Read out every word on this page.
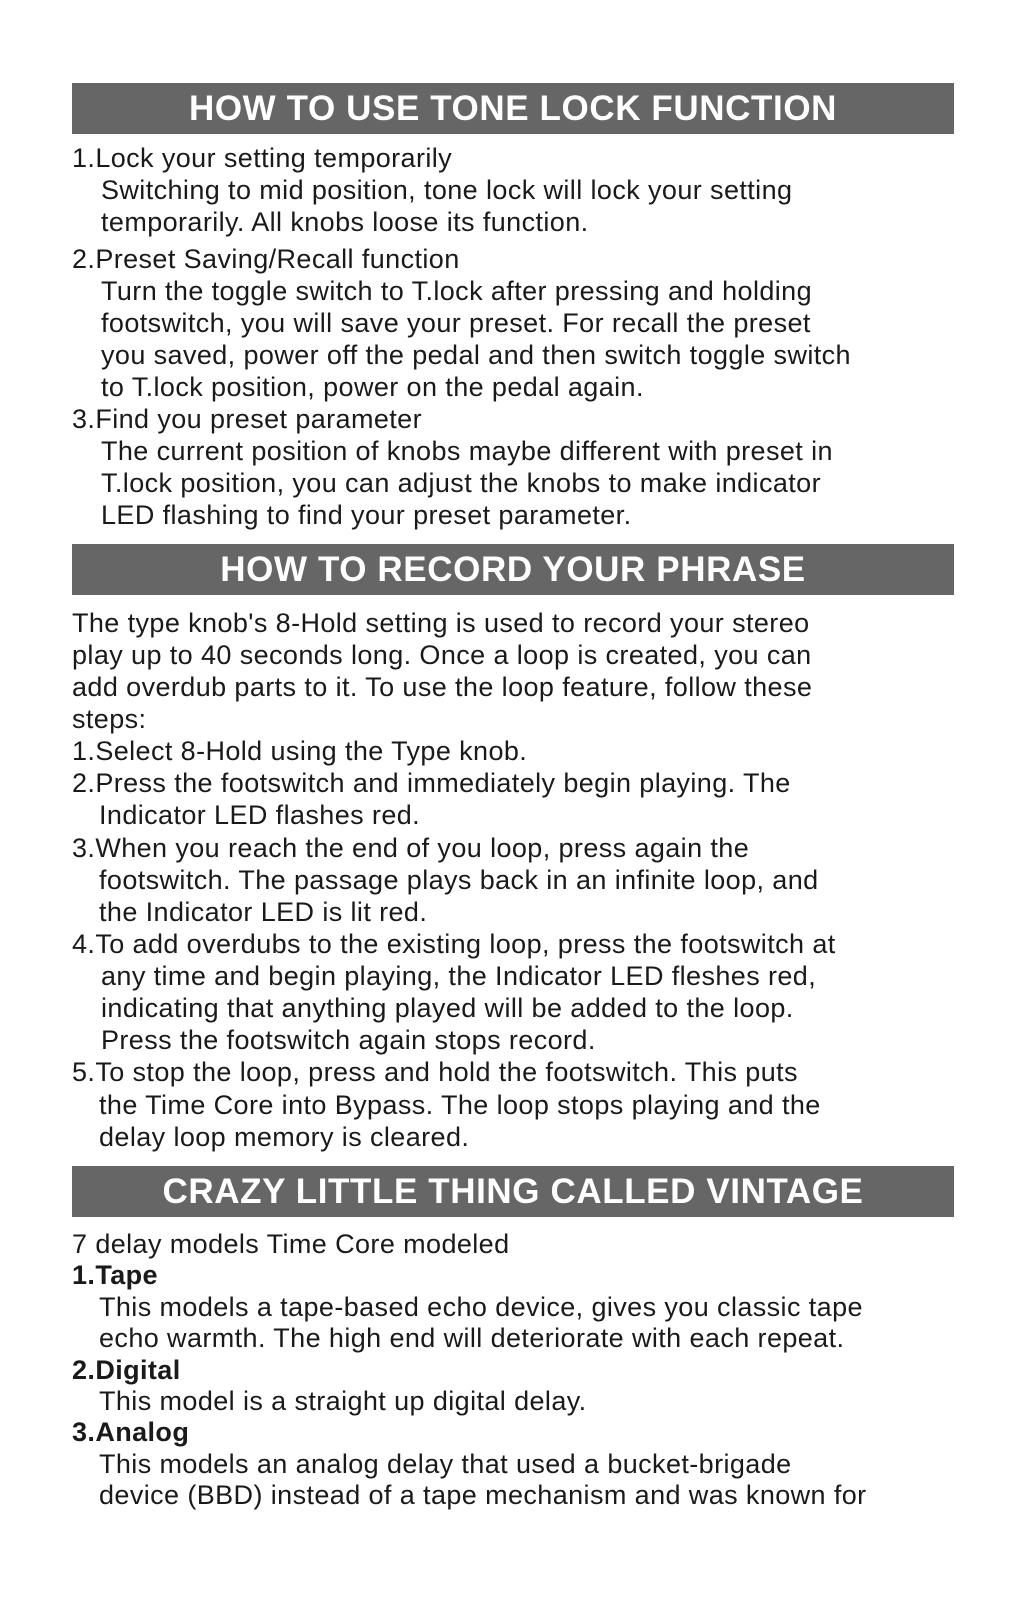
HOW TO USE TONE LOCK FUNCTION

1.Lock your setting temporarily

Switching to mid position, tone lock will lock your setting

temporarily. All knobs loose its function.

2.Preset Saving/Recall function

Turn the toggle switch to T.lock after pressing and holding

footswitch, you will save your preset. For recall the preset

you saved, power off the pedal and then switch toggle switch

to T.lock position, power on the pedal again.

3.Find you preset parameter

The current position of knobs maybe different with preset in

T.lock position, you can adjust the knobs to make indicator

LED flashing to find your preset parameter.

HOW TO RECORD YOUR PHRASE

The type knob's 8-Hold setting is used to record your stereo

play up to 40 seconds long. Once a loop is created, you can

add overdub parts to it. To use the loop feature, follow these

steps:

1.Select 8-Hold using the Type knob.

2.Press the footswitch and immediately begin playing. The

Indicator LED flashes red.

3.When you reach the end of you loop, press again the

footswitch. The passage plays back in an infinite loop, and

the Indicator LED is lit red.

4.To add overdubs to the existing loop, press the footswitch at

any time and begin playing, the Indicator LED fleshes red,

indicating that anything played will be added to the loop.

Press the footswitch again stops record.

5.To stop the loop, press and hold the footswitch. This puts

the Time Core into Bypass. The loop stops playing and the

delay loop memory is cleared.

CRAZY LITTLE THING CALLED VINTAGE

7 delay models Time Core modeled

1.Tape

This models a tape-based echo device, gives you classic tape

echo warmth. The high end will deteriorate with each repeat.

2.Digital

This model is a straight up digital delay.

3.Analog

This models an analog delay that used a bucket-brigade

device (BBD) instead of a tape mechanism and was known for
